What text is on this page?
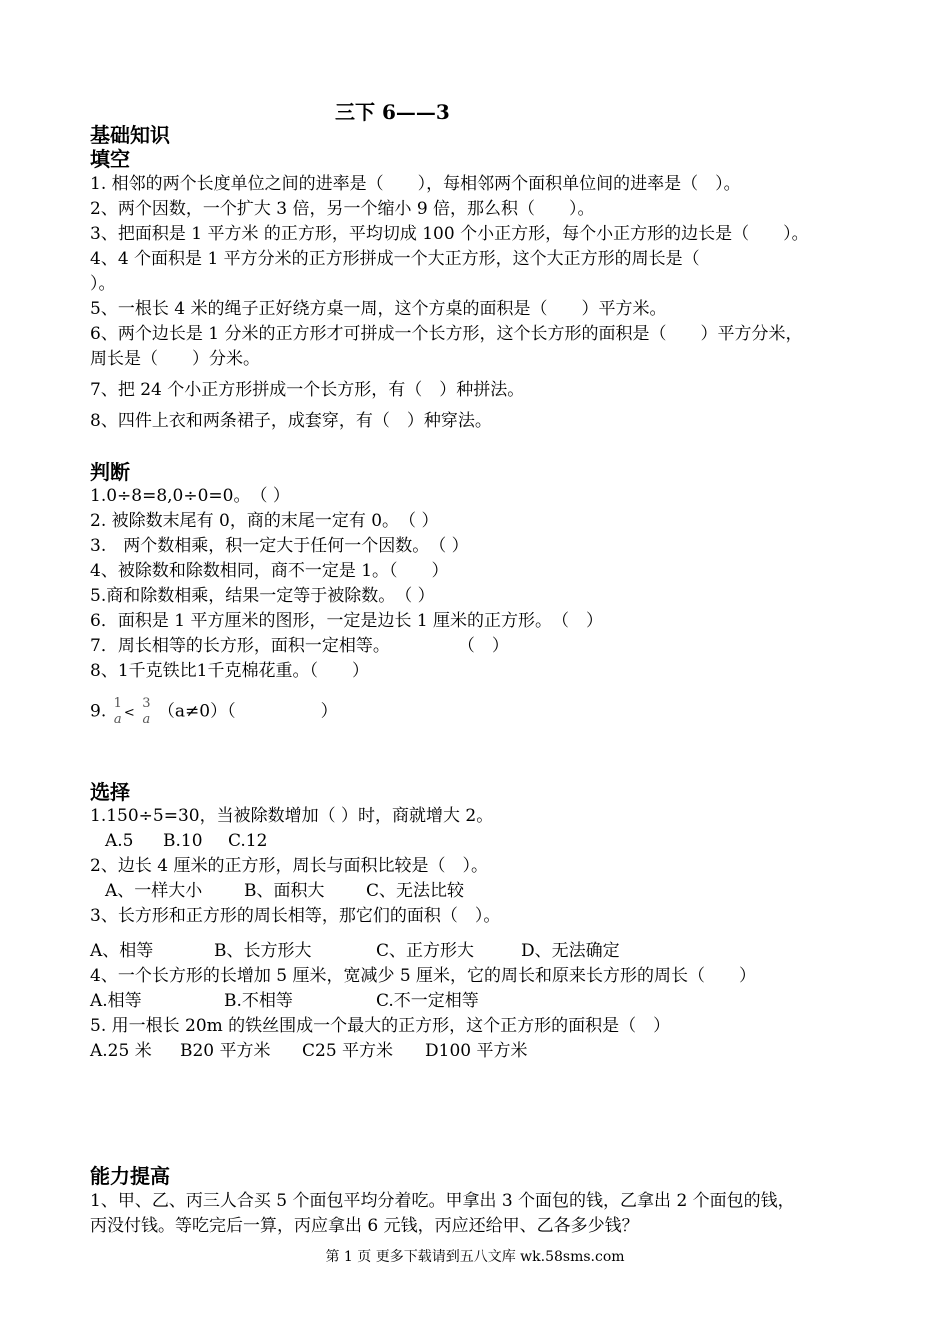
三下 6——3
基础知识
填空
1. 相邻的两个长度单位之间的进率是（　　），每相邻两个面积单位间的进率是（　）。
2、两个因数，一个扩大 3 倍，另一个缩小 9 倍，那么积（　　）。
3、把面积是 1 平方米 的正方形，平均切成 100 个小正方形，每个小正方形的边长是（　　）。
4、4 个面积是 1 平方分米的正方形拼成一个大正方形，这个大正方形的周长是（
）。
5、一根长 4 米的绳子正好绕方桌一周，这个方桌的面积是（　　）平方米。
6、两个边长是 1 分米的正方形才可拼成一个长方形，这个长方形的面积是（　　）平方分米，
周长是（　　）分米。
7、把 24 个小正方形拼成一个长方形，有（　）种拼法。
8、四件上衣和两条裙子，成套穿，有（　）种穿法。
判断
1.0÷8=8,0÷0=0。　（ ）
2. 被除数末尾有 0，商的末尾一定有 0。　（ ）
3.　两个数相乘，积一定大于任何一个因数。　（ ）
4、被除数和除数相同，商不一定是 1。（　　）
5.商和除数相乘，结果一定等于被除数。　（ ）
6．面积是 1 平方厘米的图形，一定是边长 1 厘米的正方形。　（　）
7．周长相等的长方形，面积一定相等。　　　　　（　）
8、1千克铁比1千克棉花重。（　　）
9. 1
a <
3
a （a≠0）（　　　　　）
选择
1.150÷5=30，当被除数增加（ ）时，商就增大 2。
A.5 B.10 C.12
2、边长 4 厘米的正方形，周长与面积比较是（　）。
A、一样大小 B、面积大 C、无法比较
3、长方形和正方形的周长相等，那它们的面积（　）。
A、相等	B、长方形大	C、正方形大	D、无法确定
4、一个长方形的长增加 5 厘米，宽减少 5 厘米，它的周长和原来长方形的周长（　　）
A.相等	B.不相等	C.不一定相等
5. 用一根长 20m 的铁丝围成一个最大的正方形，这个正方形的面积是（　）
A.25 米 B20 平方米 C25 平方米 D100 平方米
能力提高
1、甲、乙、丙三人合买 5 个面包平均分着吃。甲拿出 3 个面包的钱，乙拿出 2 个面包的钱，
丙没付钱。等吃完后一算，丙应拿出 6 元钱，丙应还给甲、乙各多少钱？
第 1 页 更多下载请到五八文库 wk.58sms.com
